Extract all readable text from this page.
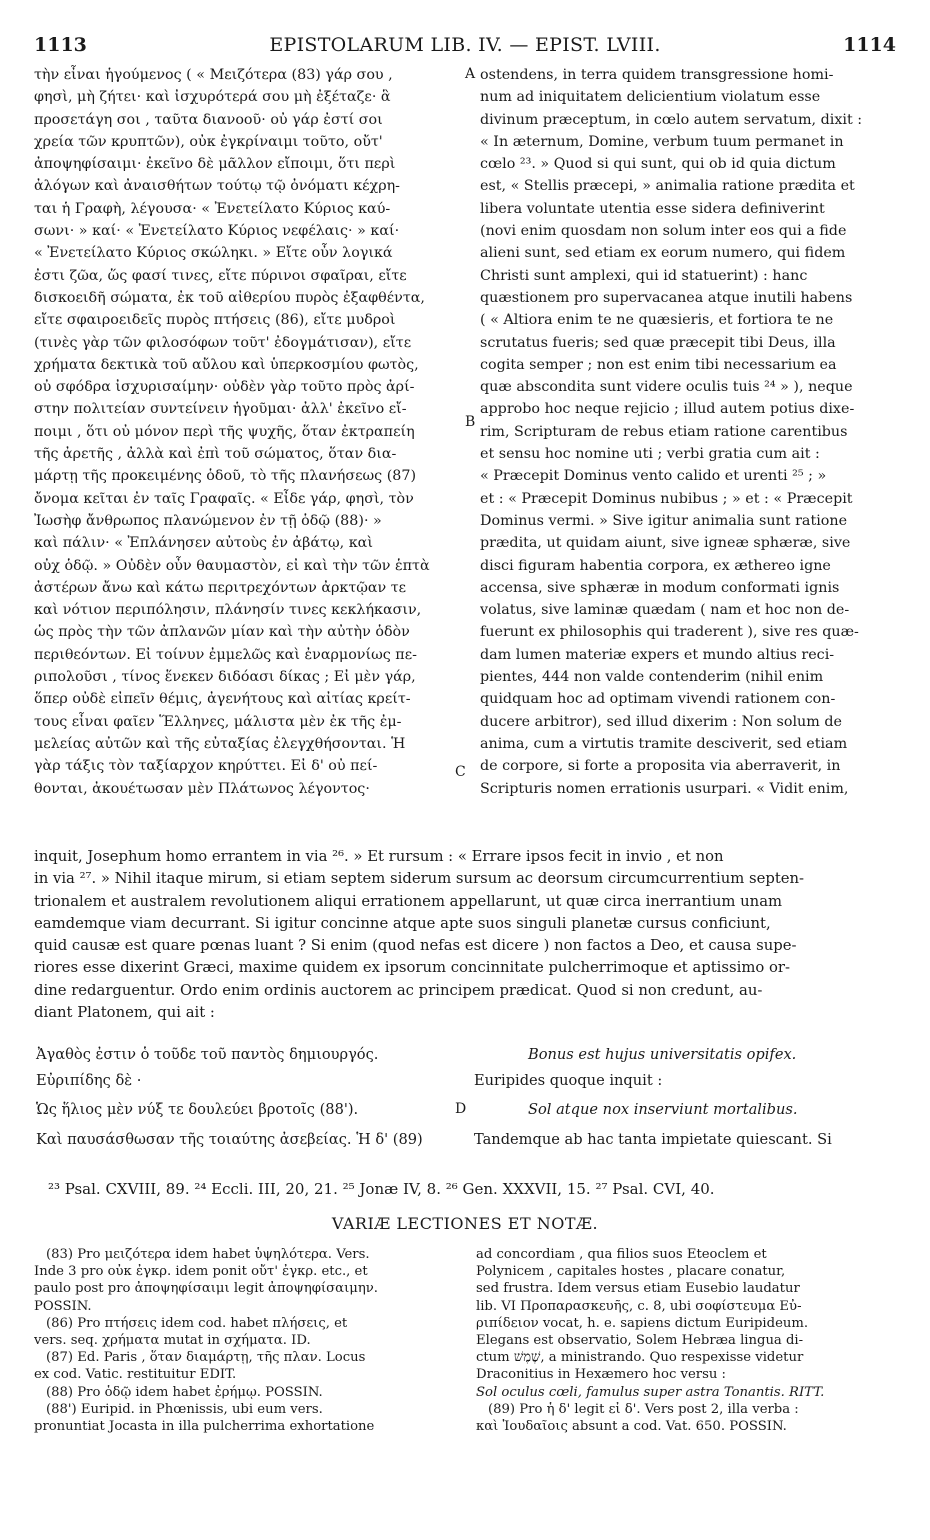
1113	EPISTOLARUM LIB. IV. — EPIST. LVIII.	1114
τὴν εἶναι ἡγούμενος ( « Μειζότερα (83) γάρ σου ,
φησὶ, μὴ ζήτει· καὶ ἰσχυρότερά σου μὴ ἐξέταζε· ἃ
προσετάγη σοι , ταῦτα διανοοῦ· οὐ γάρ ἐστί σοι
χρεία τῶν κρυπτῶν), οὐκ ἐγκρίναιμι τοῦτο, οὔτ'
ἀποψηφίσαιμι· ἐκεῖνο δὲ μᾶλλον εἴποιμι, ὅτι περὶ
ἀλόγων καὶ ἀναισθήτων τούτῳ τῷ ὀνόματι κέχρη-
ται ἡ Γραφὴ, λέγουσα· « Ἐνετείλατο Κύριος καύ-
σωνι· » καί· « Ἐνετείλατο Κύριος νεφέλαις· » καί·
« Ἐνετείλατο Κύριος σκώληκι. » Εἴτε οὖν λογικά
ἐστι ζῶα, ὥς φασί τινες, εἴτε πύρινοι σφαῖραι, εἴτε
δισκοειδῆ σώματα, ἐκ τοῦ αἰθερίου πυρὸς ἐξαφθέντα,
εἴτε σφαιροειδεῖς πυρὸς πτήσεις (86), εἴτε μυδροὶ
(τινὲς γὰρ τῶν φιλοσόφων τοῦτ' ἐδογμάτισαν), εἴτε
χρήματα δεκτικὰ τοῦ αὔλου καὶ ὑπερκοσμίου φωτὸς,
οὐ σφόδρα ἰσχυρισαίμην· οὐδὲν γὰρ τοῦτο πρὸς ἀρί-
στην πολιτείαν συντείνειν ἡγοῦμαι· ἀλλ' ἐκεῖνο εἴ-
ποιμι , ὅτι οὐ μόνον περὶ τῆς ψυχῆς, ὅταν ἐκτραπείη
τῆς ἀρετῆς , ἀλλὰ καὶ ἐπὶ τοῦ σώματος, ὅταν δια-
μάρτῃ τῆς προκειμένης ὁδοῦ, τὸ τῆς πλανήσεως (87)
ὄνομα κεῖται ἐν ταῖς Γραφαῖς. « Εἶδε γάρ, φησὶ, τὸν
Ἰωσὴφ ἄνθρωπος πλανώμενον ἐν τῇ ὁδῷ (88)· »
καὶ πάλιν· « Ἐπλάνησεν αὐτοὺς ἐν ἀβάτῳ, καὶ
οὐχ ὁδῷ. » Οὐδὲν οὖν θαυμαστὸν, εἰ καὶ τὴν τῶν ἑπτὰ
ἀστέρων ἄνω καὶ κάτω περιτρεχόντων ἀρκτῷαν τε
καὶ νότιον περιπόλησιν, πλάνησίν τινες κεκλήκασιν,
ὡς πρὸς τὴν τῶν ἀπλανῶν μίαν καὶ τὴν αὐτὴν ὁδὸν
περιθεόντων. Εἰ τοίνυν ἐμμελῶς καὶ ἐναρμονίως πε-
ριπολοῦσι , τίνος ἕνεκεν διδόασι δίκας ; Εἰ μὲν γάρ,
ὅπερ οὐδὲ εἰπεῖν θέμις, ἀγενήτους καὶ αἰτίας κρείτ-
τους εἶναι φαῖεν Ἕλληνες, μάλιστα μὲν ἐκ τῆς ἐμ-
μελείας αὐτῶν καὶ τῆς εὐταξίας ἐλεγχθήσονται. Ἡ
γὰρ τάξις τὸν ταξίαρχον κηρύττει. Εἰ δ' οὐ πεί-
θονται, ἀκουέτωσαν μὲν Πλάτωνος λέγοντος·
ostendens, in terra quidem transgressione homi-
num ad iniquitatem delicientium violatum esse
divinum præceptum, in cœlo autem servatum, dixit :
« In æternum, Domine, verbum tuum permanet in
cœlo ²³. » Quod si qui sunt, qui ob id quia dictum
est, « Stellis præcepi, » animalia ratione prædita et
libera voluntate utentia esse sidera definiverint
(novi enim quosdam non solum inter eos qui a fide
alieni sunt, sed etiam ex eorum numero, qui fidem
Christi sunt amplexi, qui id statuerint) : hanc
quæstionem pro supervacanea atque inutili habens
( « Altiora enim te ne quæsieris, et fortiora te ne
scrutatus fueris; sed quæ præcepit tibi Deus, illa
cogita semper ; non est enim tibi necessarium ea
quæ abscondita sunt videre oculis tuis ²⁴ » ), neque
approbo hoc neque rejicio ; illud autem potius dixe-
rim, Scripturam de rebus etiam ratione carentibus
et sensu hoc nomine uti ; verbi gratia cum ait :
« Præcepit Dominus vento calido et urenti ²⁵ ; »
et : « Præcepit Dominus nubibus ; » et : « Præcepit
Dominus vermi. » Sive igitur animalia sunt ratione
prædita, ut quidam aiunt, sive igneæ sphæræ, sive
disci figuram habentia corpora, ex æthereo igne
accensa, sive sphæræ in modum conformati ignis
volatus, sive laminæ quædam ( nam et hoc non de-
fuerunt ex philosophis qui traderent ), sive res quæ-
dam lumen materiæ expers et mundo altius reci-
pientes, 444 non valde contenderim (nihil enim
quidquam hoc ad optimam vivendi rationem con-
ducere arbitror), sed illud dixerim : Non solum de
anima, cum a virtutis tramite desciverit, sed etiam
de corpore, si forte a proposita via aberraverit, in
Scripturis nomen errationis usurpari. « Vidit enim,
A
B
C
D
inquit, Josephum homo errantem in via ²⁶. » Et rursum : « Errare ipsos fecit in invio , et non
in via ²⁷. » Nihil itaque mirum, si etiam septem siderum sursum ac deorsum circumcurrentium septen-
trionalem et australem revolutionem aliqui errationem appellarunt, ut quæ circa inerrantium unam
eamdemque viam decurrant. Si igitur concinne atque apte suos singuli planetæ cursus conficiunt,
quid causæ est quare pœnas luant ? Si enim (quod nefas est dicere ) non factos a Deo, et causa supe-
riores esse dixerint Græci, maxime quidem ex ipsorum concinnitate pulcherrimoque et aptissimo or-
dine redarguentur. Ordo enim ordinis auctorem ac principem prædicat. Quod si non credunt, au-
diant Platonem, qui ait :
Ἀγαθὸς ἐστιν ὁ τοῦδε τοῦ παντὸς δημιουργός.	Bonus est hujus universitatis opifex.
Εὐριπίδης δὲ ·	Euripides quoque inquit :
Ὡς ἥλιος μὲν νύξ τε δουλεύει βροτοῖς (88').	Sol atque nox inserviunt mortalibus.
Καὶ παυσάσθωσαν τῆς τοιαύτης ἀσεβείας. Ἡ δ' (89)	Tandemque ab hac tanta impietate quiescant. Si
²³ Psal. CXVIII, 89. ²⁴ Eccli. III, 20, 21. ²⁵ Jonæ IV, 8. ²⁶ Gen. XXXVII, 15. ²⁷ Psal. CVI, 40.
VARIÆ LECTIONES ET NOTÆ.
(83) Pro μειζότερα idem habet ὑψηλότερα. Vers.
Inde 3 pro οὐκ ἐγκρ. idem ponit οὔτ' ἐγκρ. etc., et
paulo post pro ἀποψηφίσαιμι legit ἀποψηφίσαιμην.
POSSIN.
(86) Pro πτήσεις idem cod. habet πλήσεις, et
vers. seq. χρήματα mutat in σχήματα. ID.
(87) Ed. Paris , ὅταν διαμάρτῃ, τῆς πλαν. Locus
ex cod. Vatic. restituitur EDIT.
(88) Pro ὁδῷ idem habet ἐρήμῳ. POSSIN.
(88') Euripid. in Phœnissis, ubi eum vers.
pronuntiat Jocasta in illa pulcherrima exhortatione
ad concordiam , qua filios suos Eteoclem et
Polynicem , capitales hostes , placare conatur,
sed frustra. Idem versus etiam Eusebio laudatur
lib. VI Προπαρασκευῆς, c. 8, ubi σοφίστευμα Εὐ-
ριπίδειον vocat, h. e. sapiens dictum Euripideum.
Elegans est observatio, Solem Hebræa lingua di-
ctum שֶׁמֶשׁ, a ministrando. Quo respexisse videtur
Draconitius in Hexæmero hoc versu :
Sol oculus cœli, famulus super astra Tonantis. RITT.
(89) Pro ἡ δ' legit εἰ δ'. Vers post 2, illa verba :
καὶ Ἰουδαῖοις absunt a cod. Vat. 650. POSSIN.
